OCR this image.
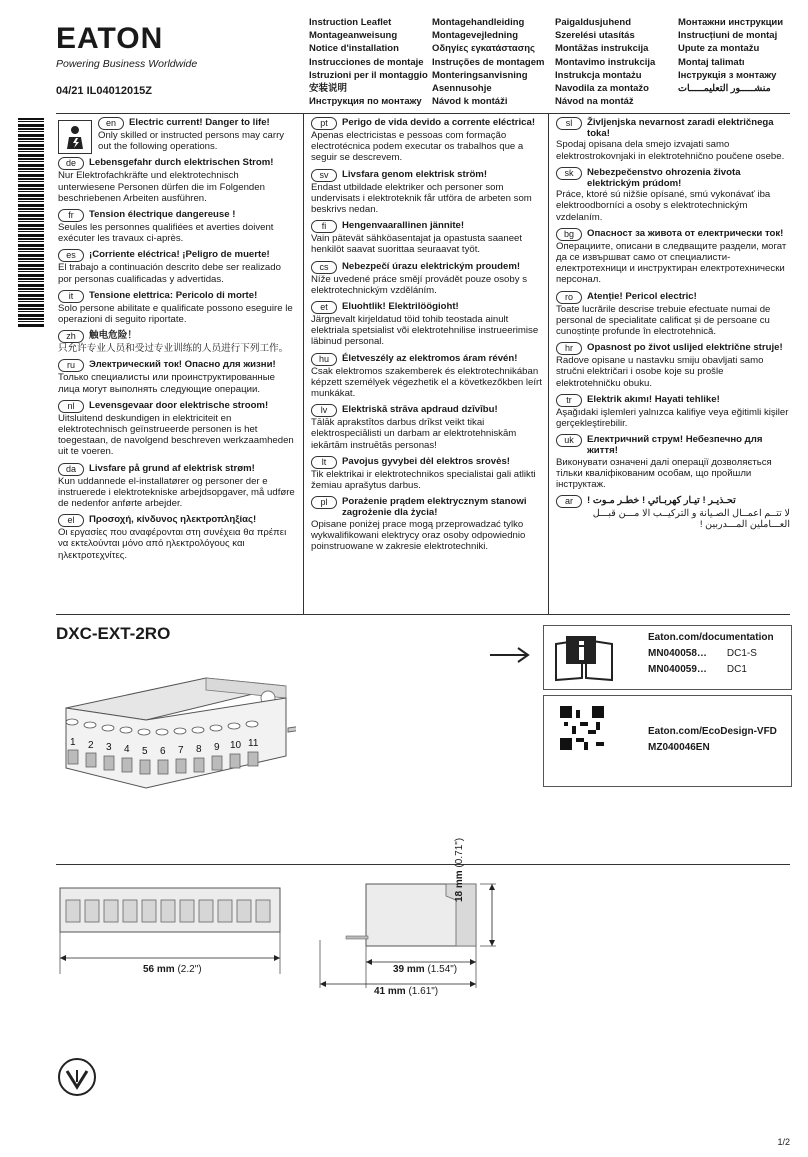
EATON
Powering Business Worldwide
04/21 IL04012015Z
Instruction Leaflet
Montageanweisung
Notice d'installation
Instrucciones de montaje
Istruzioni per il montaggio
安装说明
Инструкция по монтажу
Montagehandleiding
Montagevejledning
Οδηγίες εγκατάστασης
Instruções de montagem
Monteringsanvisning
Asennusohje
Návod k montáži
Paigaldusjuhend
Szerelési utasítás
Montāžas instrukcija
Montavimo instrukcija
Instrukcja montażu
Navodila za montažo
Návod na montáž
Монтажни инструкции
Instrucțiuni de montaj
Upute za montažu
Montaj talimatı
Інструкція з монтажу
منشـــــور التعليمـــــات
en	Electric current! Danger to life!
Only skilled or instructed persons may carry out the following operations.
de	Lebensgefahr durch elektrischen Strom!
Nur Elektrofachkräfte und elektrotechnisch unterwiesene Personen dürfen die im Folgenden beschriebenen Arbeiten ausführen.
fr	Tension électrique dangereuse !
Seules les personnes qualifiées et averties doivent exécuter les travaux ci-après.
es	¡Corriente eléctrica! ¡Peligro de muerte!
El trabajo a continuación descrito debe ser realizado por personas cualificadas y advertidas.
it	Tensione elettrica: Pericolo di morte!
Solo persone abilitate e qualificate possono eseguire le operazioni di seguito riportate.
zh	触电危险！
只允许专业人员和受过专业训练的人员进行下列工作。
ru	Электрический ток! Опасно для жизни!
Только специалисты или проинструктированные лица могут выполнять следующие операции.
nl	Levensgevaar door elektrische stroom!
Uitsluitend deskundigen in elektriciteit en elektrotechnisch geïnstrueerde personen is het toegestaan, de navolgend beschreven werkzaamheden uit te voeren.
da	Livsfare på grund af elektrisk strøm!
Kun uddannede el-installatører og personer der e instruerede i elektrotekniske arbejdsopgaver, må udføre de nedenfor anførte arbejder.
el	Προσοχή, κίνδυνος ηλεκτροπληξίας!
Οι εργασίες που αναφέρονται στη συνέχεια θα πρέπει να εκτελούνται μόνο από ηλεκτρολόγους και ηλεκτροτεχνίτες.
pt	Perigo de vida devido a corrente eléctrica!
Apenas electricistas e pessoas com formação electrotécnica podem executar os trabalhos que a seguir se descrevem.
sv	Livsfara genom elektrisk ström!
Endast utbildade elektriker och personer som undervisats i elektroteknik får utföra de arbeten som beskrivs nedan.
fi	Hengenvaarallinen jännite!
Vain pätevät sähköasentajat ja opastusta saaneet henkilöt saavat suorittaa seuraavat työt.
cs	Nebezpečí úrazu elektrickým proudem!
Níže uvedené práce smějí provádět pouze osoby s elektrotechnickým vzděláním.
et	Eluohtlik! Elektrilöögioht!
Järgnevalt kirjeldatud töid tohib teostada ainult elektriala spetsialist või elektrotehnilise instrueerimise läbinud personal.
hu	Életveszély az elektromos áram révén!
Csak elektromos szakemberek és elektrotechnikában képzett személyek végezhetik el a következőkben leírt munkákat.
lv	Elektriskā strāva apdraud dzīvību!
Tālāk aprakstītos darbus drīkst veikt tikai elektrospeciālisti un darbam ar elektrotehniskām iekārtām instruētās personas!
lt	Pavojus gyvybei dėl elektros srovės!
Tik elektrikai ir elektrotechnikos specialistai gali atlikti žemiau aprašytus darbus.
pl	Porażenie prądem elektrycznym stanowi zagrożenie dla życia!
Opisane poniżej prace mogą przeprowadzać tylko wykwalifikowani elektrycy oraz osoby odpowiednio poinstruowane w zakresie elektrotechniki.
sl	Življenjska nevarnost zaradi električnega toka!
Spodaj opisana dela smejo izvajati samo elektrostrokovnjaki in elektrotehnično poučene osebe.
sk	Nebezpečenstvo ohrozenia života elektrickým prúdom!
Práce, ktoré sú nižšie opísané, smú vykonávať iba elektroodborníci a osoby s elektrotechnickým vzdelaním.
bg	Опасност за живота от електрически ток!
Операциите, описани в следващите раздели, могат да се извършват само от специалисти-електротехници и инструктиран електротехнически персонал.
ro	Atenție! Pericol electric!
Toate lucrările descrise trebuie efectuate numai de personal de specialitate calificat și de persoane cu cunoștințe profunde în electrotehnică.
hr	Opasnost po život uslijed električne struje!
Radove opisane u nastavku smiju obavljati samo stručni električari i osobe koje su prošle elektrotehničku obuku.
tr	Elektrik akımı! Hayati tehlike!
Aşağıdaki işlemleri yalnızca kalifiye veya eğitimli kişiler gerçekleştirebilir.
uk	Електричний струм! Небезпечно для життя!
Виконувати означені далі операції дозволяється тільки кваліфікованим особам, що пройшли інструктаж.
ar	تحـذيـر ! تيـار كهربـائي ! خطـر مـوت !
لا تتــم اعمــال الصـيانة و التركيــب الا مـــن قبـــل العـــاملين المـــدربين !
DXC-EXT-2RO
1 2 3 4 5 6 7 8 9 10 11
Eaton.com/documentation
MN040058… DC1-S
MN040059… DC1
Eaton.com/EcoDesign-VFD
MZ040046EN
56 mm (2.2")	39 mm (1.54")
41 mm (1.61")
18 mm (0.71")
1/2
